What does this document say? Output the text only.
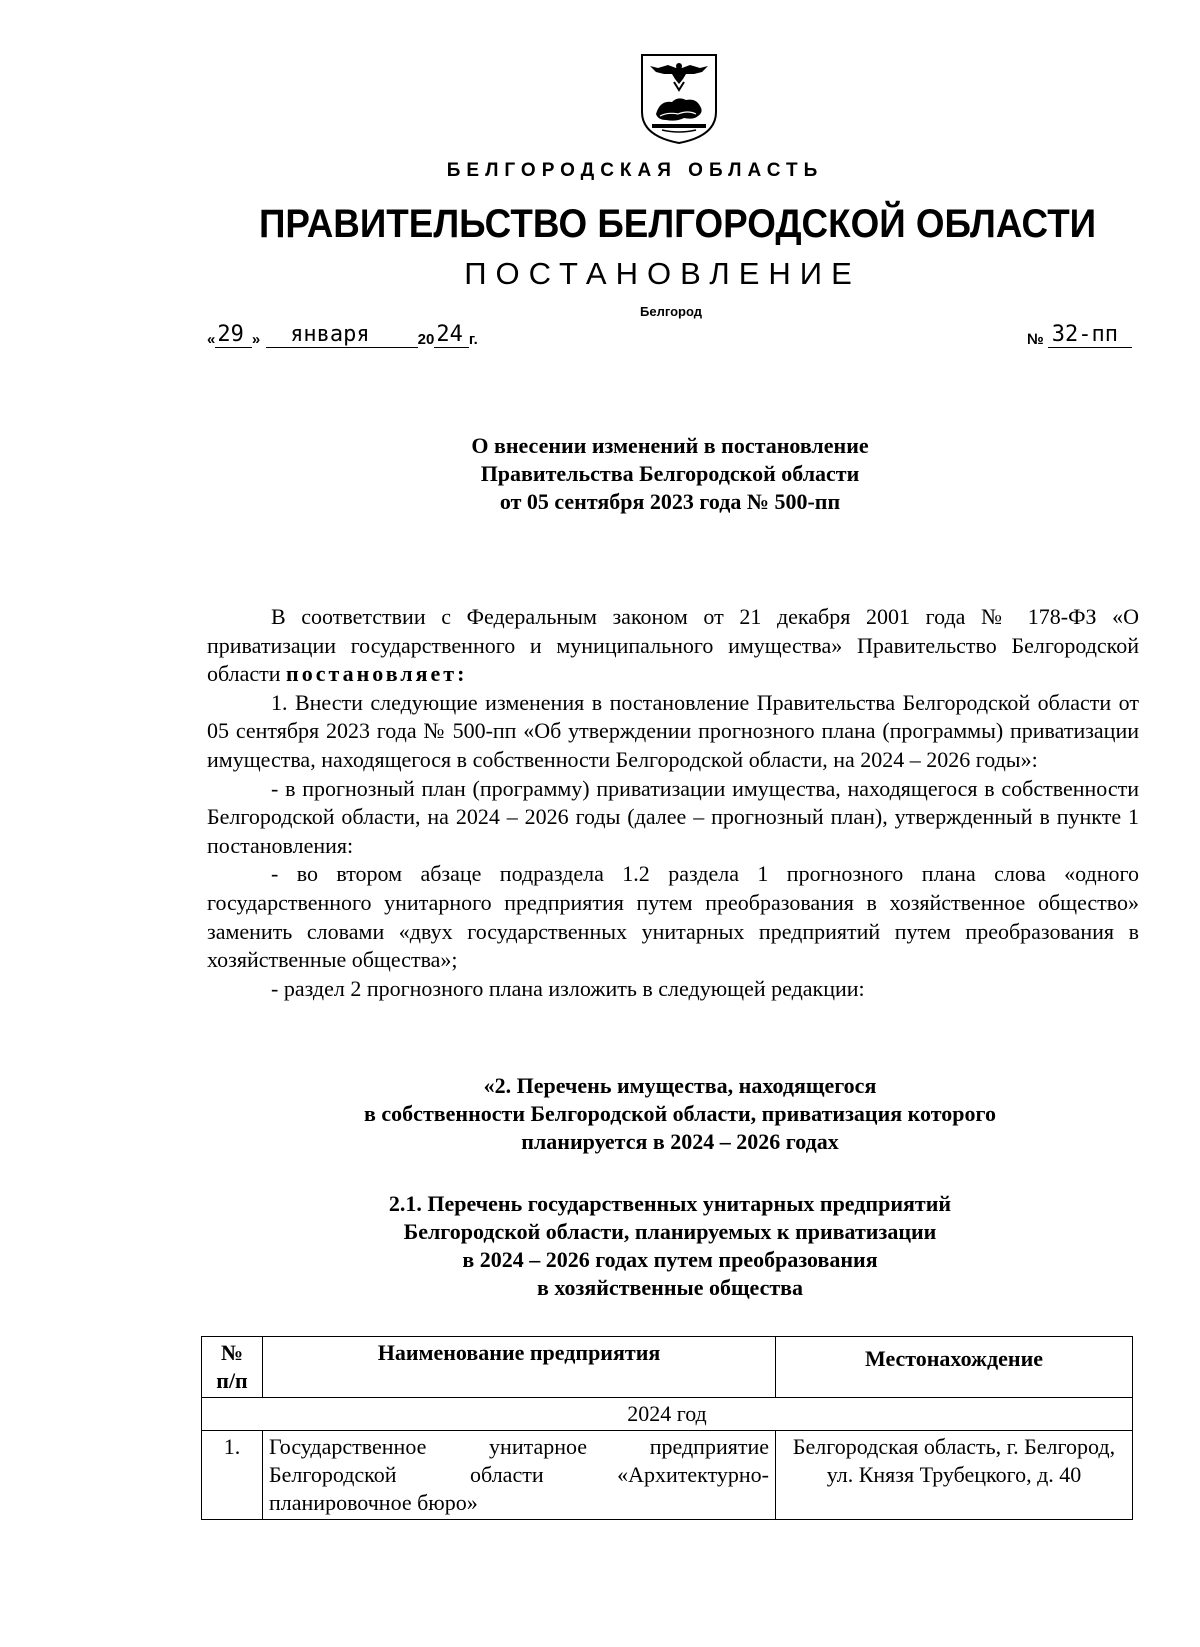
БЕЛГОРОДСКАЯ ОБЛАСТЬ
ПРАВИТЕЛЬСТВО БЕЛГОРОДСКОЙ ОБЛАСТИ
ПОСТАНОВЛЕНИЕ
Белгород
« 29 »	января	20 24 г.	№ 32-пп
О внесении изменений в постановление
Правительства Белгородской области
от 05 сентября 2023 года № 500-пп

В соответствии с Федеральным законом от 21 декабря 2001 года № 178-ФЗ «О приватизации государственного и муниципального имущества» Правительство Белгородской области постановляет:

1. Внести следующие изменения в постановление Правительства Белгородской области от 05 сентября 2023 года № 500-пп «Об утверждении прогнозного плана (программы) приватизации имущества, находящегося в собственности Белгородской области, на 2024 – 2026 годы»:

- в прогнозный план (программу) приватизации имущества, находящегося в собственности Белгородской области, на 2024 – 2026 годы (далее – прогнозный план), утвержденный в пункте 1 постановления:

- во втором абзаце подраздела 1.2 раздела 1 прогнозного плана слова «одного государственного унитарного предприятия путем преобразования в хозяйственное общество» заменить словами «двух государственных унитарных предприятий путем преобразования в хозяйственные общества»;

- раздел 2 прогнозного плана изложить в следующей редакции:

«2. Перечень имущества, находящегося
в собственности Белгородской области, приватизация которого
планируется в 2024 – 2026 годах
2.1. Перечень государственных унитарных предприятий
Белгородской области, планируемых к приватизации
в 2024 – 2026 годах путем преобразования
в хозяйственные общества
№
п/п	Наименование предприятия	Местонахождение
2024 год		
1.	Государственное унитарное предприятие Белгородской области «Архитектурно-планировочное бюро»	Белгородская область, г. Белгород, ул. Князя Трубецкого, д. 40
